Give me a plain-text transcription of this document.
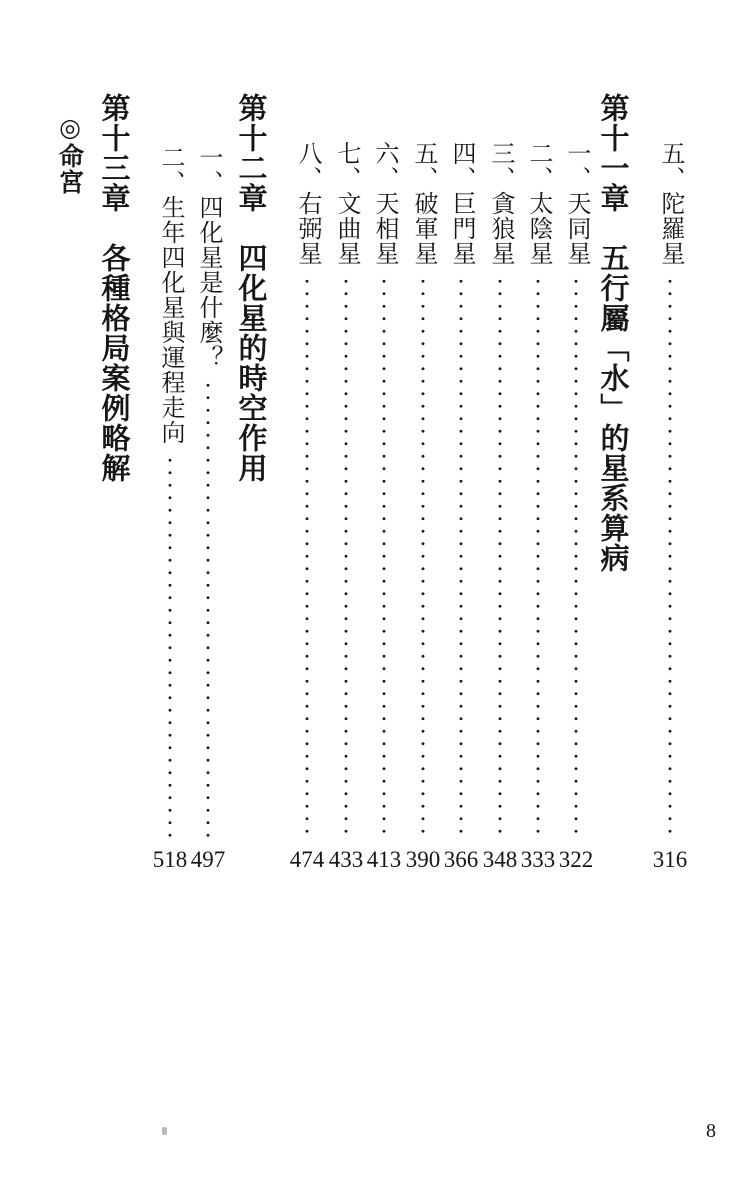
五、陀羅星
316
第十一章　五行屬「水」的星系算病
一、天同星
322
二、太陰星
333
三、貪狼星
348
四、巨門星
366
五、破軍星
390
六、天相星
413
七、文曲星
433
八、右弼星
474
第十二章　四化星的時空作用
一、四化星是什麼？
497
二、生年四化星與運程走向
518
第十三章　各種格局案例略解
◎命宮
8
